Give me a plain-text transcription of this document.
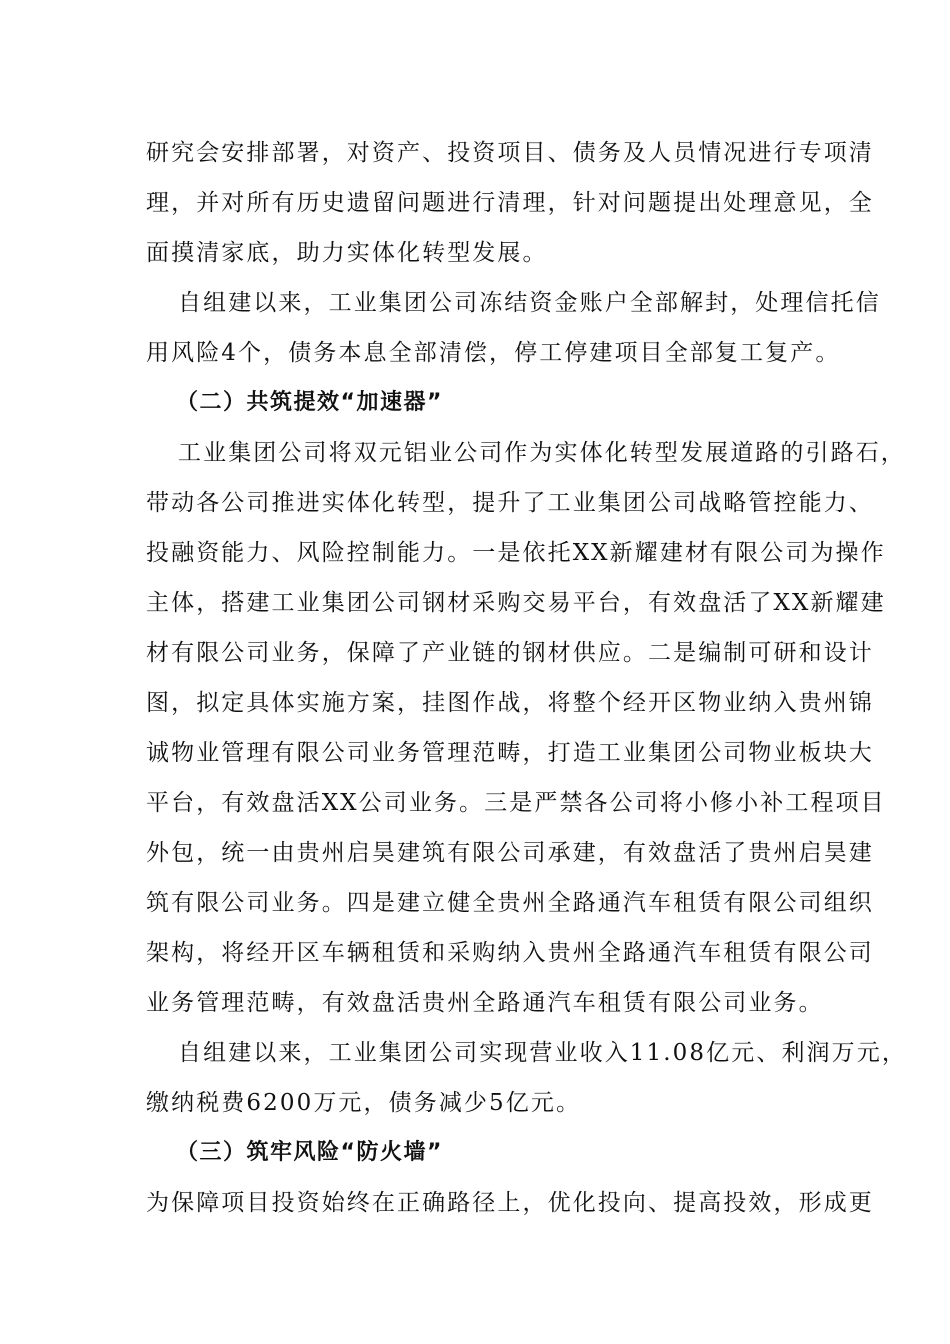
研究会安排部署，对资产、投资项目、债务及人员情况进行专项清
理，并对所有历史遗留问题进行清理，针对问题提出处理意见，全
面摸清家底，助力实体化转型发展。
自组建以来，工业集团公司冻结资金账户全部解封，处理信托信
用风险4个，债务本息全部清偿，停工停建项目全部复工复产。
（二）共筑提效“加速器”
工业集团公司将双元铝业公司作为实体化转型发展道路的引路石，
带动各公司推进实体化转型，提升了工业集团公司战略管控能力、
投融资能力、风险控制能力。一是依托XX新耀建材有限公司为操作
主体，搭建工业集团公司钢材采购交易平台，有效盘活了XX新耀建
材有限公司业务，保障了产业链的钢材供应。二是编制可研和设计
图，拟定具体实施方案，挂图作战，将整个经开区物业纳入贵州锦
诚物业管理有限公司业务管理范畴，打造工业集团公司物业板块大
平台，有效盘活XX公司业务。三是严禁各公司将小修小补工程项目
外包，统一由贵州启昊建筑有限公司承建，有效盘活了贵州启昊建
筑有限公司业务。四是建立健全贵州全路通汽车租赁有限公司组织
架构，将经开区车辆租赁和采购纳入贵州全路通汽车租赁有限公司
业务管理范畴，有效盘活贵州全路通汽车租赁有限公司业务。
自组建以来，工业集团公司实现营业收入11.08亿元、利润万元，
缴纳税费6200万元，债务减少5亿元。
（三）筑牢风险“防火墙”
为保障项目投资始终在正确路径上，优化投向、提高投效，形成更
